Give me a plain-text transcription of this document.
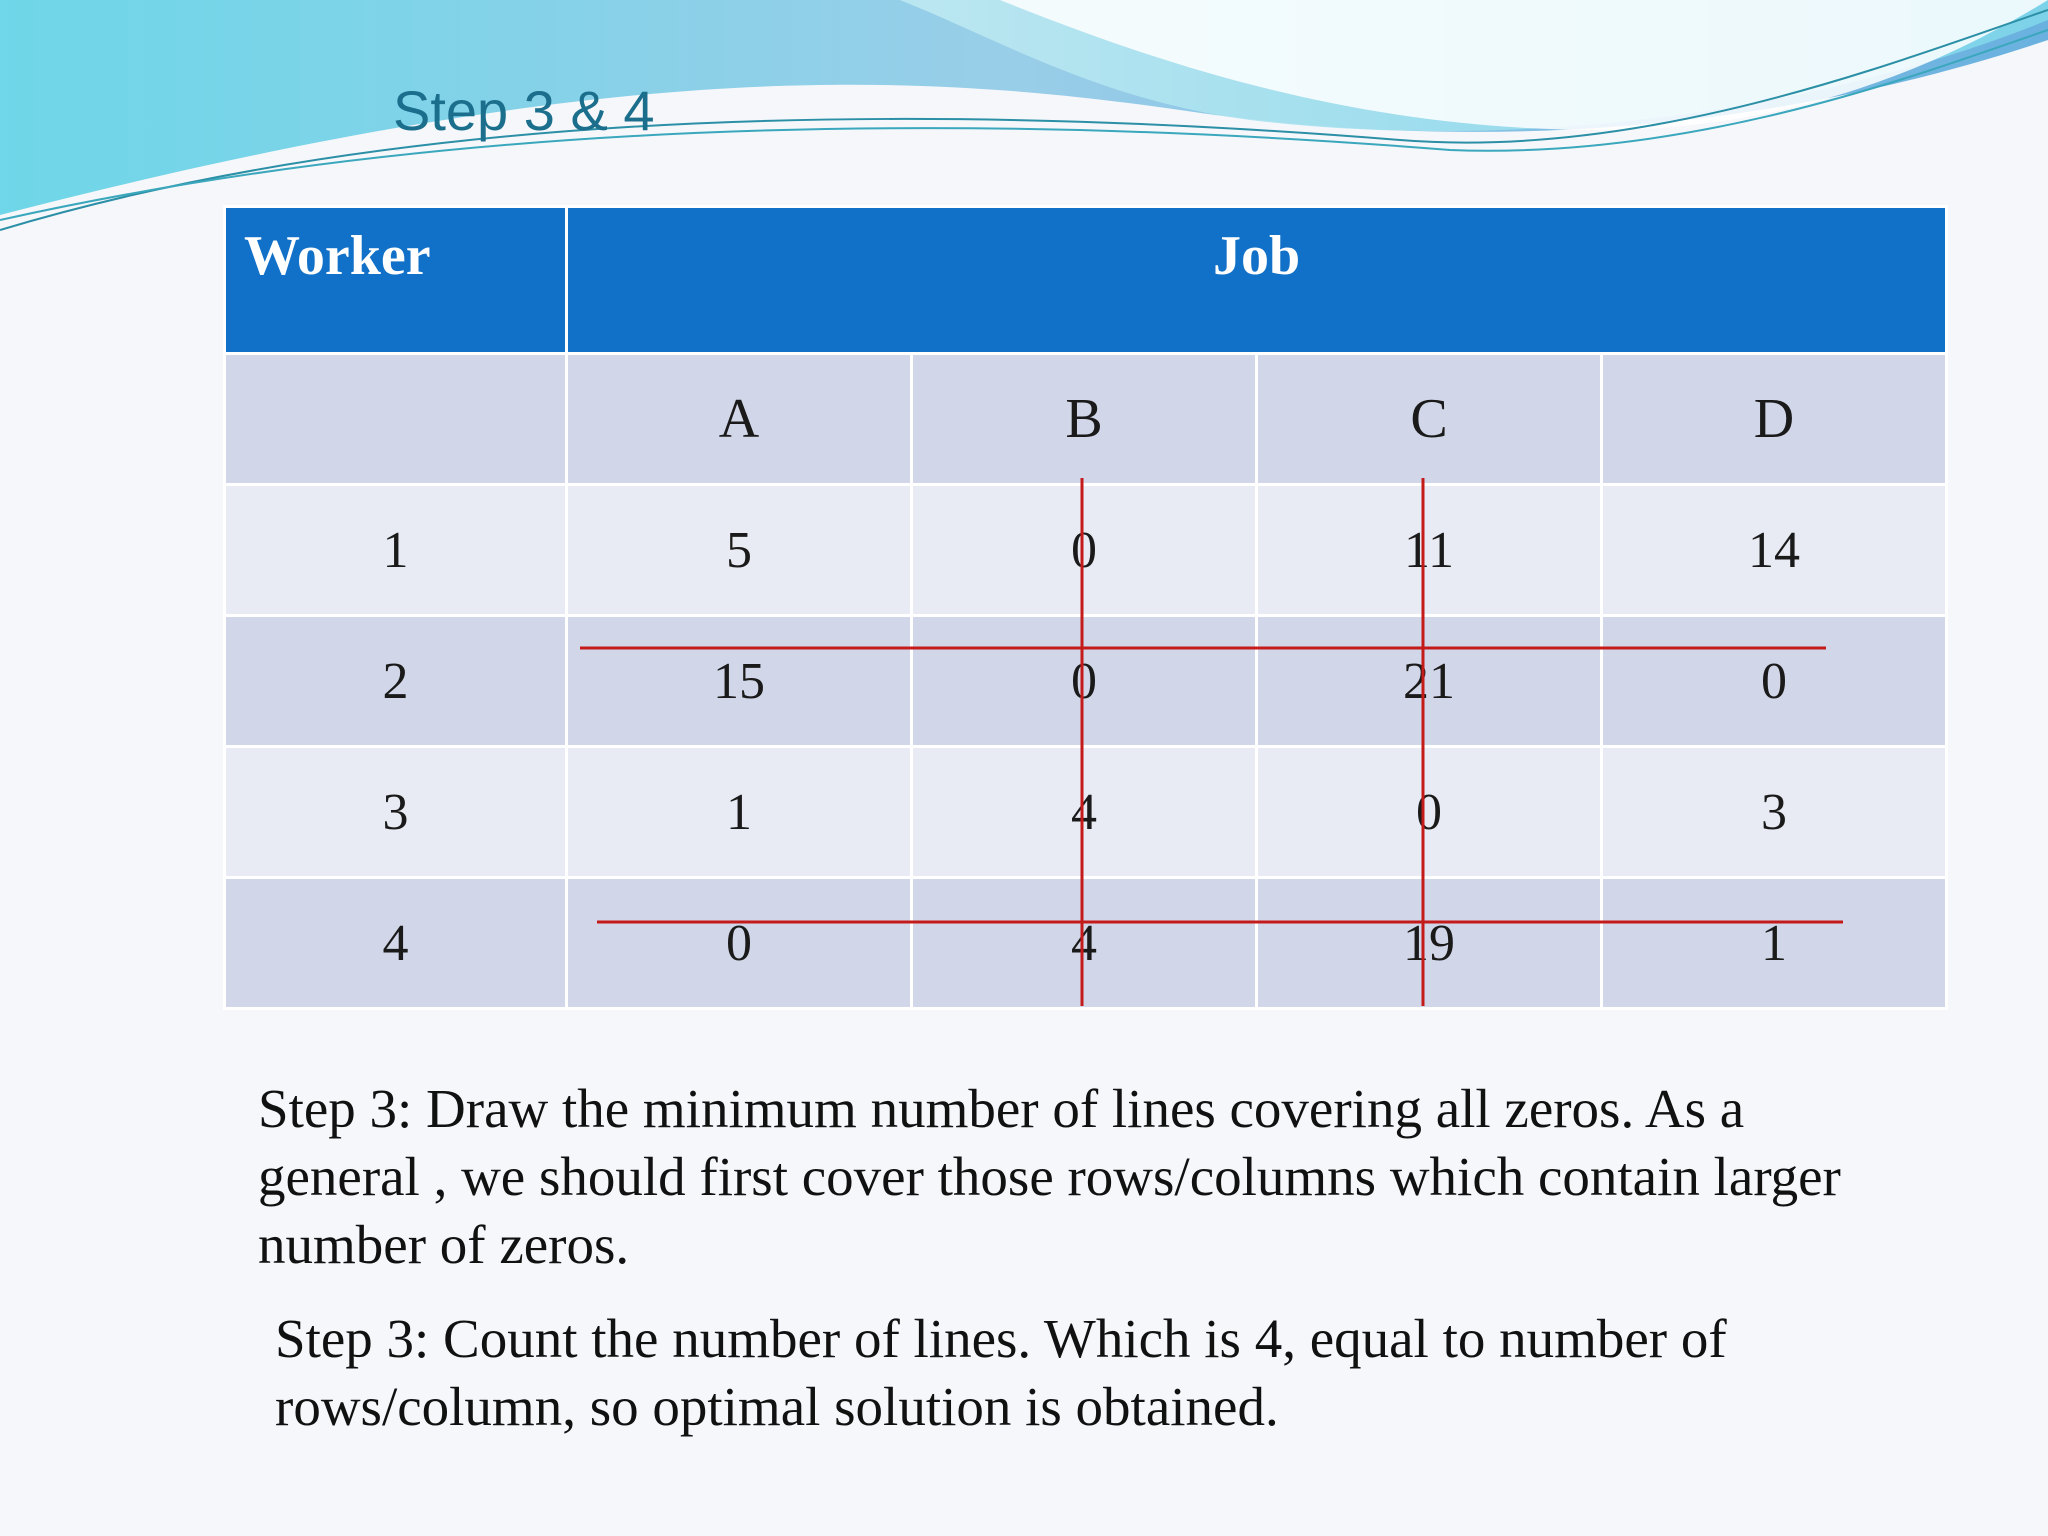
Step 3 & 4
Worker	Job			
	A	B	C	D
1	5	0	11	14
2	15	0	21	0
3	1	4	0	3
4	0	4	19	1
Step 3: Draw the minimum number of lines covering all zeros. As a general , we should first cover those rows/columns which contain larger number of zeros.
Step 3: Count the number of lines. Which is 4, equal to number of rows/column, so optimal solution is obtained.
